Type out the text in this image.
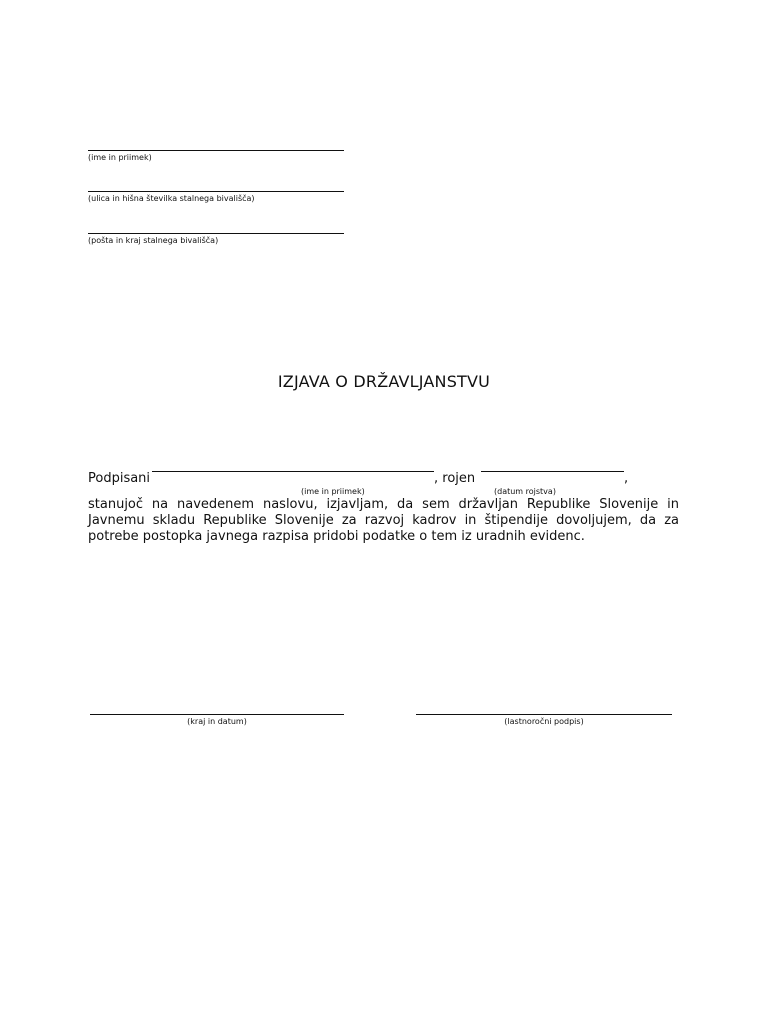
(ime in priimek)
(ulica in hišna številka stalnega bivališča)
(pošta in kraj stalnega bivališča)
IZJAVA O DRŽAVLJANSTVU
Podpisani	, rojen	,
(ime in priimek)	(datum rojstva)
stanujoč na navedenem naslovu, izjavljam, da sem državljan Republike Slovenije in Javnemu skladu Republike Slovenije za razvoj kadrov in štipendije dovoljujem, da za potrebe postopka javnega razpisa pridobi podatke o tem iz uradnih evidenc.
(kraj in datum)	(lastnoročni podpis)
